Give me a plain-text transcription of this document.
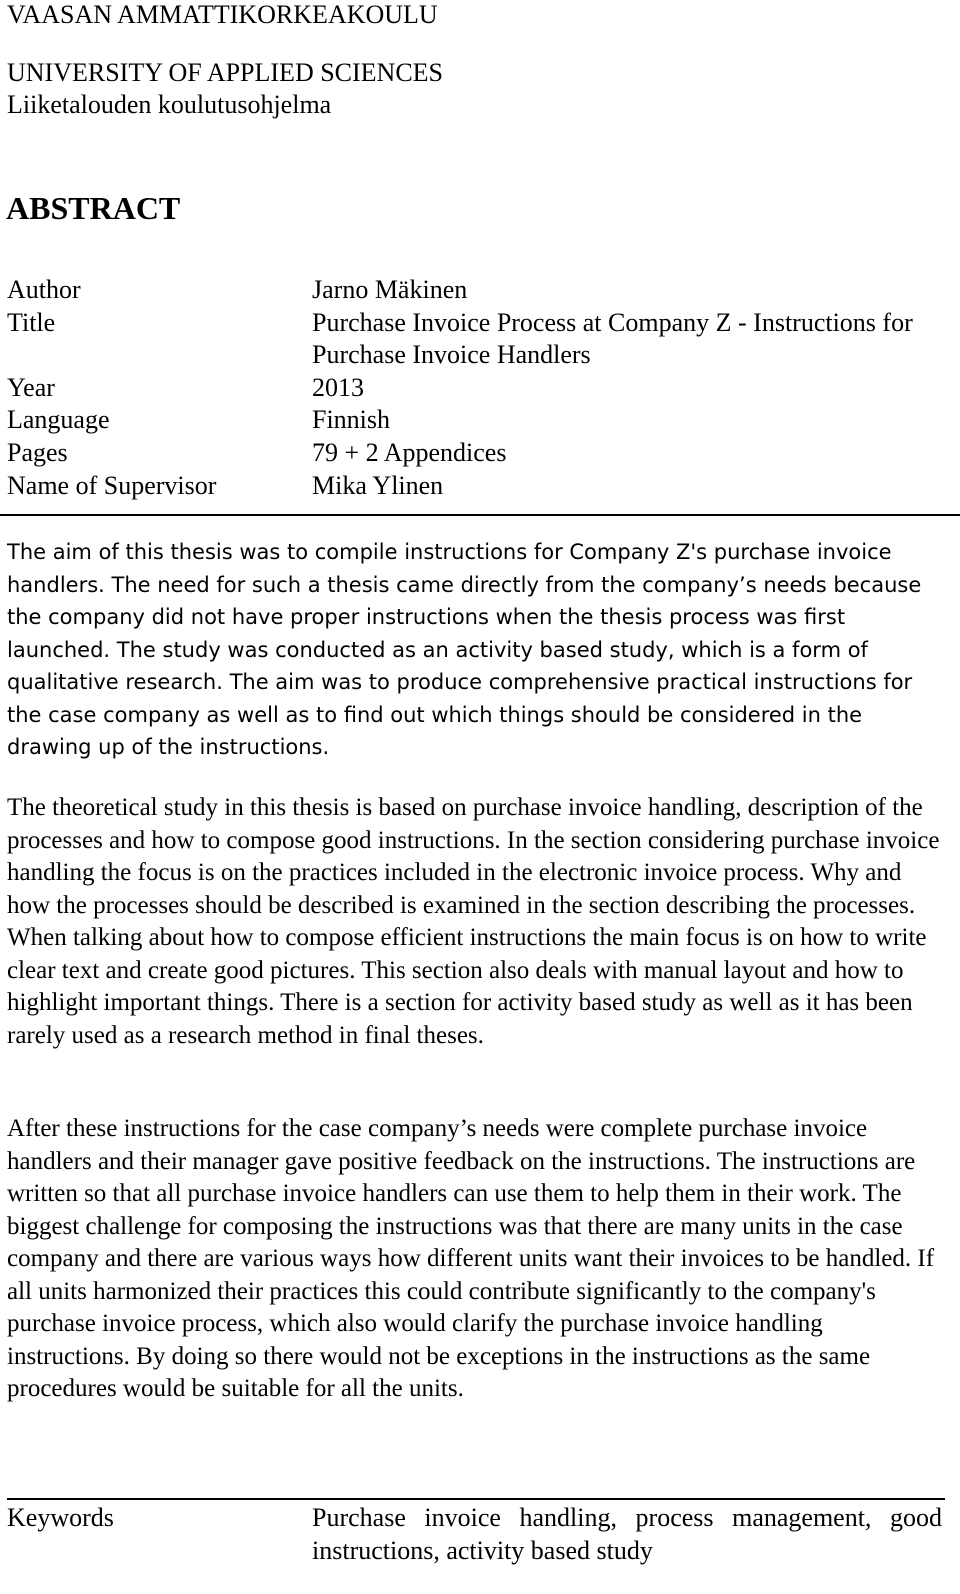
VAASAN AMMATTIKORKEAKOULU
UNIVERSITY OF APPLIED SCIENCES
Liiketalouden koulutusohjelma
ABSTRACT
Author	Jarno Mäkinen
Title	Purchase Invoice Process at Company Z - Instructions for Purchase Invoice Handlers
Year	2013
Language	Finnish
Pages	79 + 2 Appendices
Name of Supervisor	Mika Ylinen

The aim of this thesis was to compile instructions for Company Z's purchase invoice handlers. The need for such a thesis came directly from the company’s needs because the company did not have proper instructions when the thesis process was first launched. The study was conducted as an activity based study, which is a form of qualitative research. The aim was to produce comprehensive practical instructions for the case company as well as to find out which things should be considered in the drawing up of the instructions.

The theoretical study in this thesis is based on purchase invoice handling, description of the processes and how to compose good instructions. In the section considering purchase invoice handling the focus is on the practices included in the electronic invoice process. Why and how the processes should be described is examined in the section describing the processes. When talking about how to compose efficient instructions the main focus is on how to write clear text and create good pictures. This section also deals with manual layout and how to highlight important things. There is a section for activity based study as well as it has been rarely used as a research method in final theses.

After these instructions for the case company’s needs were complete purchase invoice handlers and their manager gave positive feedback on the instructions. The instructions are written so that all purchase invoice handlers can use them to help them in their work. The biggest challenge for composing the instructions was that there are many units in the case company and there are various ways how different units want their invoices to be handled. If all units harmonized their practices this could contribute significantly to the company's purchase invoice process, which also would clarify the purchase invoice handling instructions. By doing so there would not be exceptions in the instructions as the same procedures would be suitable for all the units.

Keywords	Purchase invoice handling, process management, good instructions, activity based study
